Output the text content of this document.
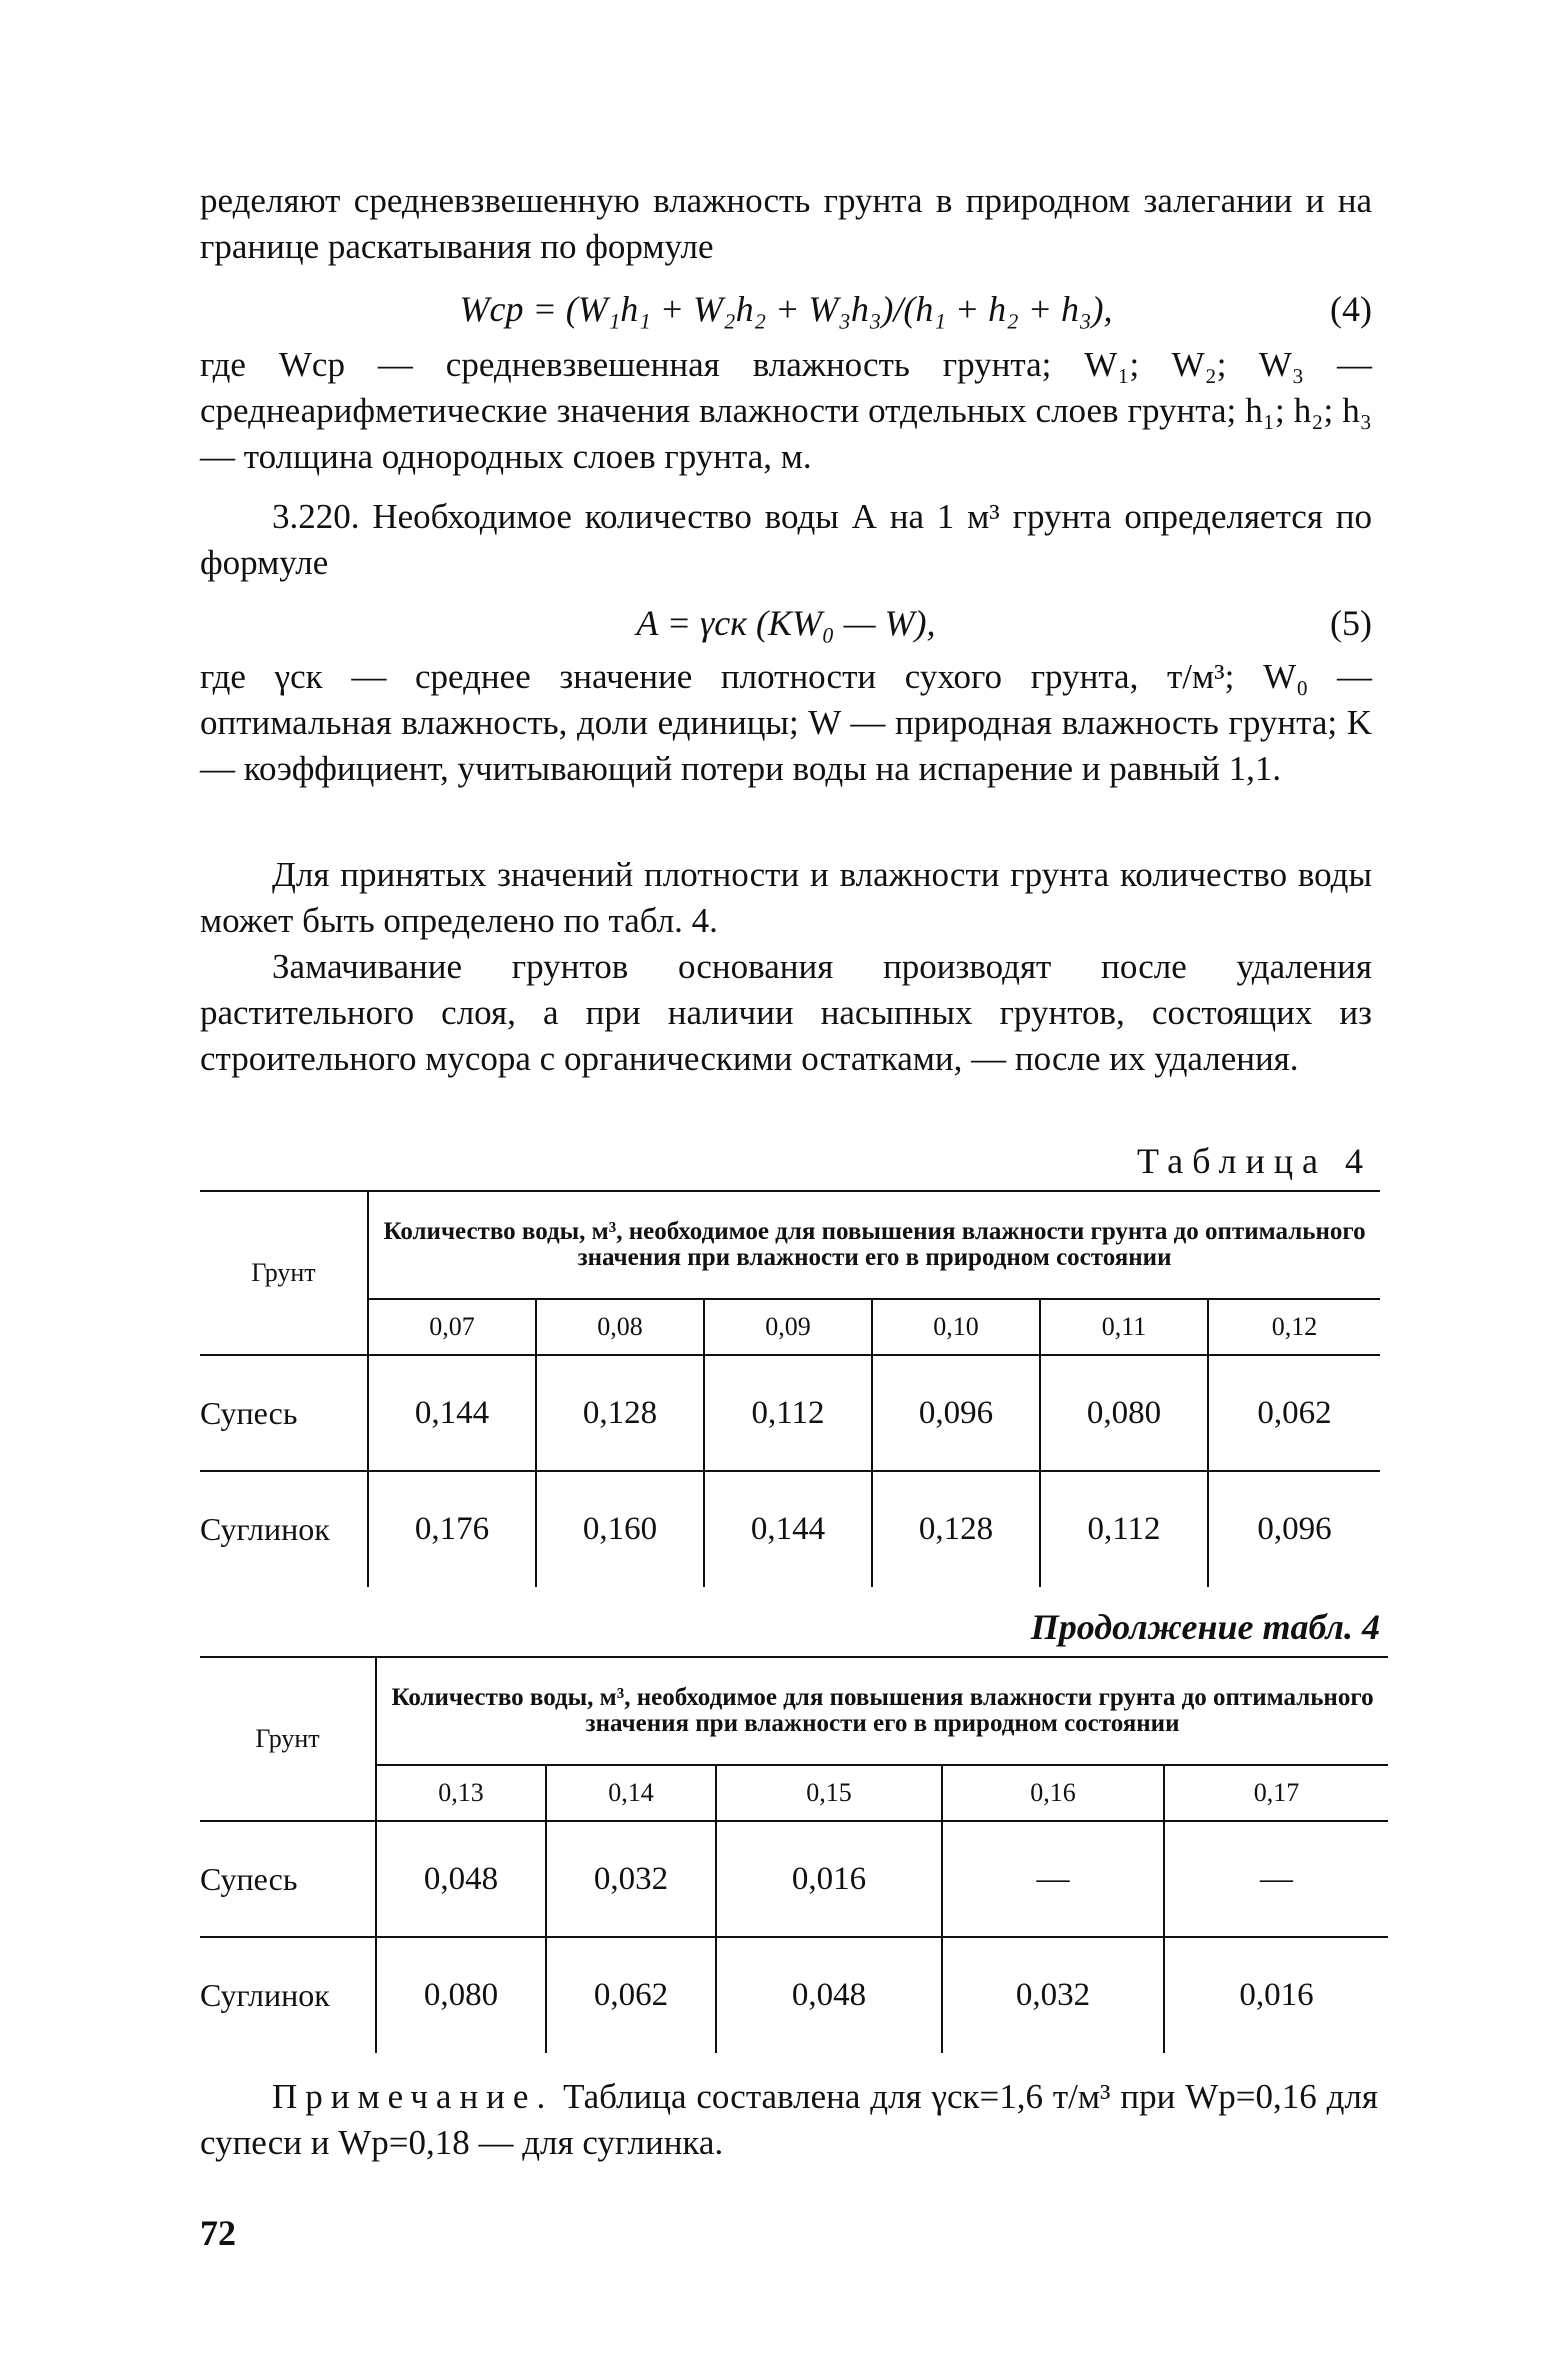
ределяют средневзвешенную влажность грунта в природном залегании и на границе раскатывания по формуле

Wср = (W₁h₁ + W₂h₂ + W₃h₃)/(h₁ + h₂ + h₃),	(4)

где Wср — средневзвешенная влажность грунта; W₁; W₂; W₃ — среднеарифметические значения влажности отдельных слоев грунта; h₁; h₂; h₃ — толщина однородных слоев грунта, м.

3.220. Необходимое количество воды А на 1 м³ грунта определяется по формуле

A = γск (KW₀ — W),	(5)

где γск — среднее значение плотности сухого грунта, т/м³; W₀ — оптимальная влажность, доли единицы; W — природная влажность грунта; K — коэффициент, учитывающий потери воды на испарение и равный 1,1.

Для принятых значений плотности и влажности грунта количество воды может быть определено по табл. 4.

Замачивание грунтов основания производят после удаления растительного слоя, а при наличии насыпных грунтов, состоящих из строительного мусора с органическими остатками, — после их удаления.

Таблица 4
Грунт	Количество воды, м³, необходимое для повышения влажности грунта до оптимального значения при влажности его в природном состоянии					
	0,07	0,08	0,09	0,10	0,11	0,12
Супесь	0,144	0,128	0,112	0,096	0,080	0,062
Суглинок	0,176	0,160	0,144	0,128	0,112	0,096
Продолжение табл. 4
Грунт	Количество воды, м³, необходимое для повышения влажности грунта до оптимального значения при влажности его в природном состоянии				
	0,13	0,14	0,15	0,16	0,17
Супесь	0,048	0,032	0,016	—	—
Суглинок	0,080	0,062	0,048	0,032	0,016
Примечание. Таблица составлена для γск=1,6 т/м³ при Wр=0,16 для супеси и Wр=0,18 — для суглинка.
72
